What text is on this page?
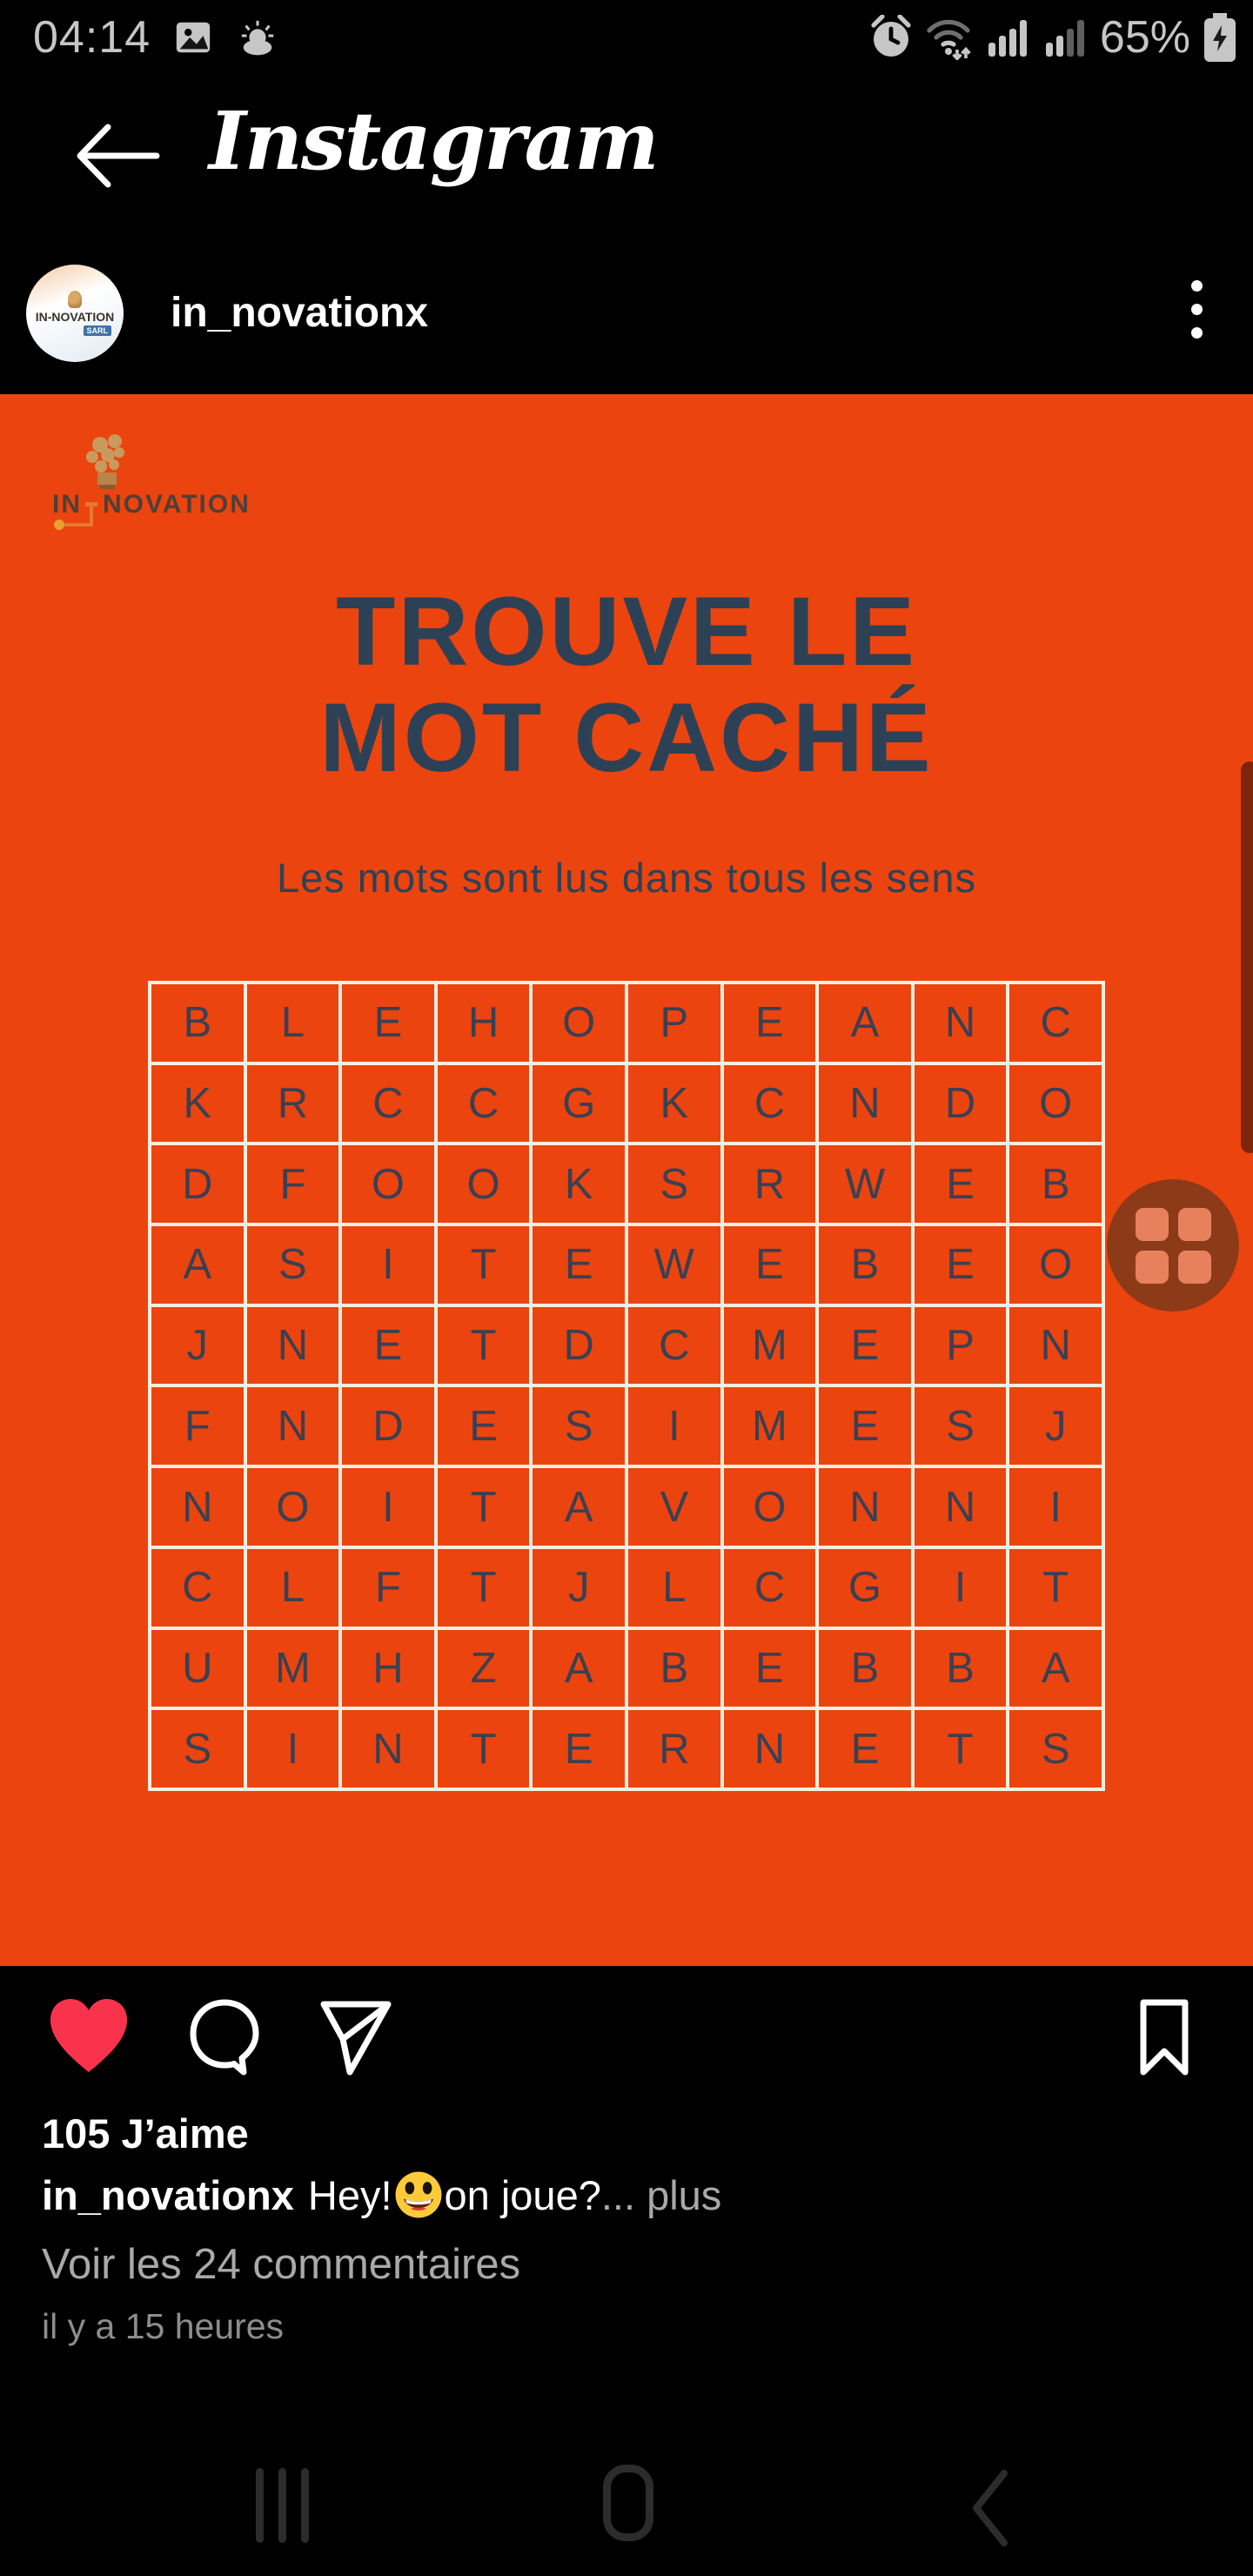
04:14	65%
Instagram
IN-NOVATION
SARL in_novationx
IN NOVATION
TROUVE LE
MOT CACHÉ
Les mots sont lus dans tous les sens
B	L	E	H	O	P	E	A	N	C
K	R	C	C	G	K	C	N	D	O
D	F	O	O	K	S	R	W	E	B
A	S	I	T	E	W	E	B	E	O
J	N	E	T	D	C	M	E	P	N
F	N	D	E	S	I	M	E	S	J
N	O	I	T	A	V	O	N	N	I
C	L	F	T	J	L	C	G	I	T
U	M	H	Z	A	B	E	B	B	A
S	I	N	T	E	R	N	E	T	S
105 J’aime
in_novationx Hey! on joue? ... plus
Voir les 24 commentaires
il y a 15 heures
